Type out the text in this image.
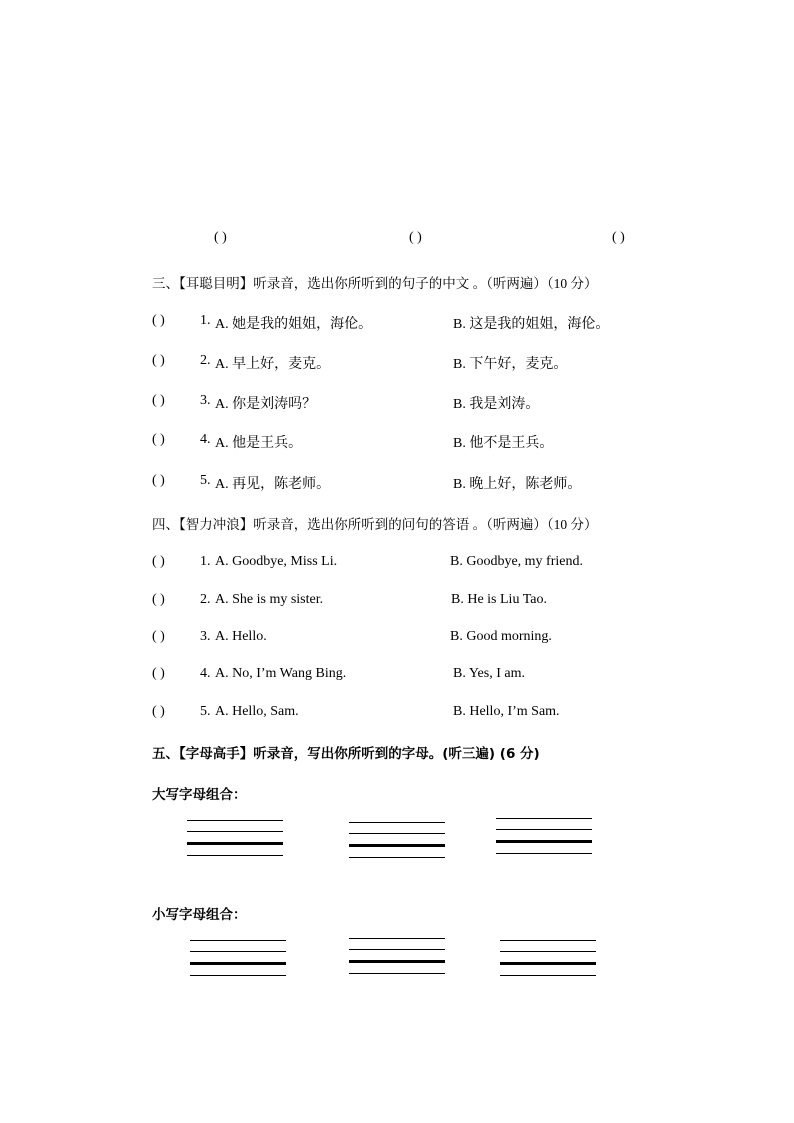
( )	( )	( )
三、【耳聪目明】听录音，选出你所听到的句子的中文 。（听两遍）（10 分）
( )	1. A. 她是我的姐姐，海伦。	B. 这是我的姐姐，海伦。
( )	2. A. 早上好，麦克。	B. 下午好，麦克。
( )	3. A. 你是刘涛吗？	B. 我是刘涛。
( )	4. A. 他是王兵。	B. 他不是王兵。
( )	5. A. 再见，陈老师。	B. 晚上好，陈老师。
四、【智力冲浪】听录音，选出你所听到的问句的答语 。（听两遍）（10 分）
( )	1. A. Goodbye, Miss Li.	B. Goodbye, my friend.
( )	2. A. She is my sister.	B. He is Liu Tao.
( )	3. A. Hello.	B. Good morning.
( )	4. A. No, I’m Wang Bing.	B. Yes, I am.
( )	5. A. Hello, Sam.	B. Hello, I’m Sam.
五、【字母高手】听录音，写出你所听到的字母。(听三遍) (6 分)
大写字母组合：
小写字母组合：
